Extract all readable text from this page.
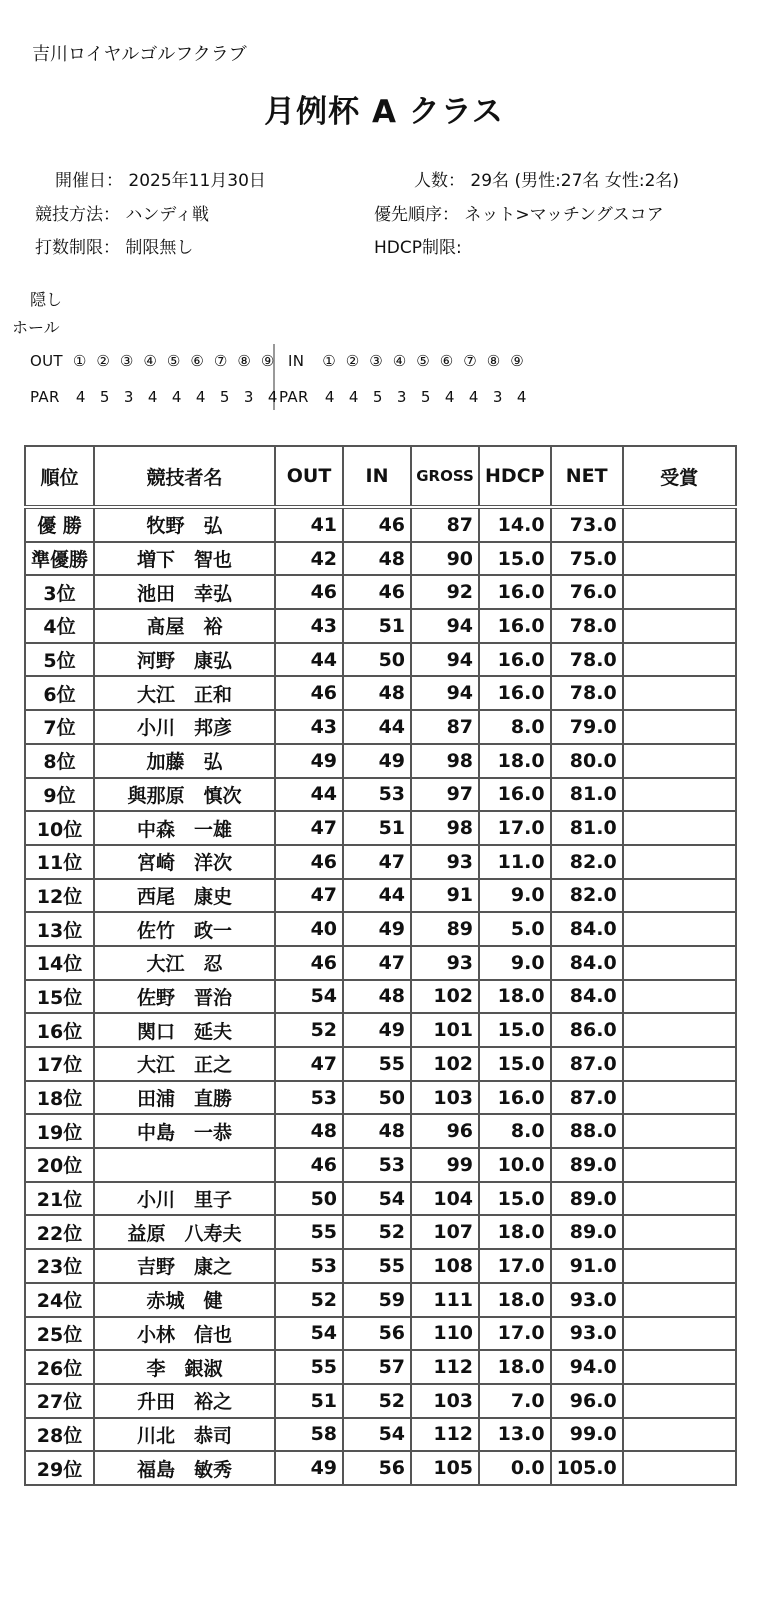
吉川ロイヤルゴルフクラブ
月例杯 A クラス
開催日： 2025年11月30日	人数： 29名 (男性:27名 女性:2名)
競技方法： ハンディ戦	優先順序： ネット>マッチングスコア
打数制限： 制限無し	HDCP制限:
隠し
ホール
OUT ① ② ③ ④ ⑤ ⑥ ⑦ ⑧ ⑨ IN ① ② ③ ④ ⑤ ⑥ ⑦ ⑧ ⑨
PAR 4 5 3 4 4 4 5 3 4PAR 4 4 5 3 5 4 4 3 4
順位	競技者名	OUT	IN	GROSS	HDCP	NET	受賞
優 勝	牧野　弘	41	46	87	14.0	73.0	
準優勝	増下　智也	42	48	90	15.0	75.0	
3位	池田　幸弘	46	46	92	16.0	76.0	
4位	髙屋　裕	43	51	94	16.0	78.0	
5位	河野　康弘	44	50	94	16.0	78.0	
6位	大江　正和	46	48	94	16.0	78.0	
7位	小川　邦彦	43	44	87	8.0	79.0	
8位	加藤　弘	49	49	98	18.0	80.0	
9位	與那原　慎次	44	53	97	16.0	81.0	
10位	中森　一雄	47	51	98	17.0	81.0	
11位	宮崎　洋次	46	47	93	11.0	82.0	
12位	西尾　康史	47	44	91	9.0	82.0	
13位	佐竹　政一	40	49	89	5.0	84.0	
14位	大江　忍	46	47	93	9.0	84.0	
15位	佐野　晋治	54	48	102	18.0	84.0	
16位	関口　延夫	52	49	101	15.0	86.0	
17位	大江　正之	47	55	102	15.0	87.0	
18位	田浦　直勝	53	50	103	16.0	87.0	
19位	中島　一恭	48	48	96	8.0	88.0	
20位		46	53	99	10.0	89.0	
21位	小川　里子	50	54	104	15.0	89.0	
22位	益原　八寿夫	55	52	107	18.0	89.0	
23位	吉野　康之	53	55	108	17.0	91.0	
24位	赤城　健	52	59	111	18.0	93.0	
25位	小林　信也	54	56	110	17.0	93.0	
26位	李　銀淑	55	57	112	18.0	94.0	
27位	升田　裕之	51	52	103	7.0	96.0	
28位	川北　恭司	58	54	112	13.0	99.0	
29位	福島　敏秀	49	56	105	0.0	105.0	
